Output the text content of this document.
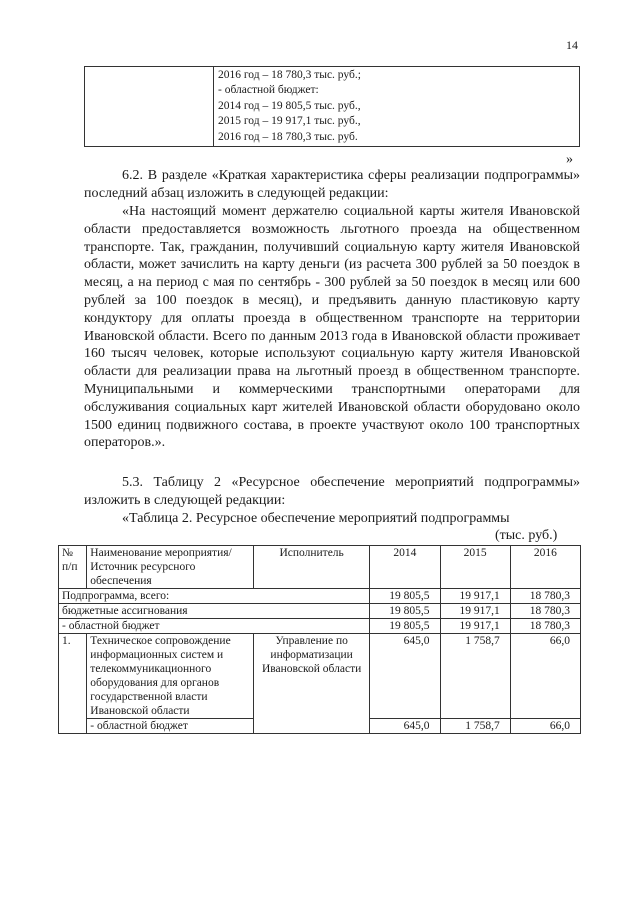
14

2016 год – 18 780,3 тыс. руб.;
- областной бюджет:
2014 год – 19 805,5 тыс. руб.,
2015 год – 19 917,1 тыс. руб.,
2016 год – 18 780,3 тыс. руб.
»
6.2. В разделе «Краткая характеристика сферы реализации подпрограммы» последний абзац изложить в следующей редакции:
«На настоящий момент держателю социальной карты жителя Ивановской области предоставляется возможность льготного проезда на общественном транспорте. Так, гражданин, получивший социальную карту жителя Ивановской области, может зачислить на карту деньги (из расчета 300 рублей за 50 поездок в месяц, а на период с мая по сентябрь - 300 рублей за 50 поездок в месяц или 600 рублей за 100 поездок в месяц), и предъявить данную пластиковую карту кондуктору для оплаты проезда в общественном транспорте на территории Ивановской области. Всего по данным 2013 года в Ивановской области проживает 160 тысяч человек, которые используют социальную карту жителя Ивановской области для реализации права на льготный проезд в общественном транспорте. Муниципальными и коммерческими транспортными операторами для обслуживания социальных карт жителей Ивановской области оборудовано около 1500 единиц подвижного состава, в проекте участвуют около 100 транспортных операторов.».
5.3. Таблицу 2 «Ресурсное обеспечение мероприятий подпрограммы» изложить в следующей редакции:
«Таблица 2. Ресурсное обеспечение мероприятий подпрограммы
(тыс. руб.)
№ п/п	Наименование мероприятия/Источник ресурсного обеспечения	Исполнитель	2014	2015	2016
Подпрограмма, всего:			19 805,5	19 917,1	18 780,3
бюджетные ассигнования			19 805,5	19 917,1	18 780,3
- областной бюджет			19 805,5	19 917,1	18 780,3
1.	Техническое сопровождение информационных систем и телекоммуникационного оборудования для органов государственной власти Ивановской области	Управление по информатизации Ивановской области	645,0	1 758,7	66,0
	- областной бюджет		645,0	1 758,7	66,0
